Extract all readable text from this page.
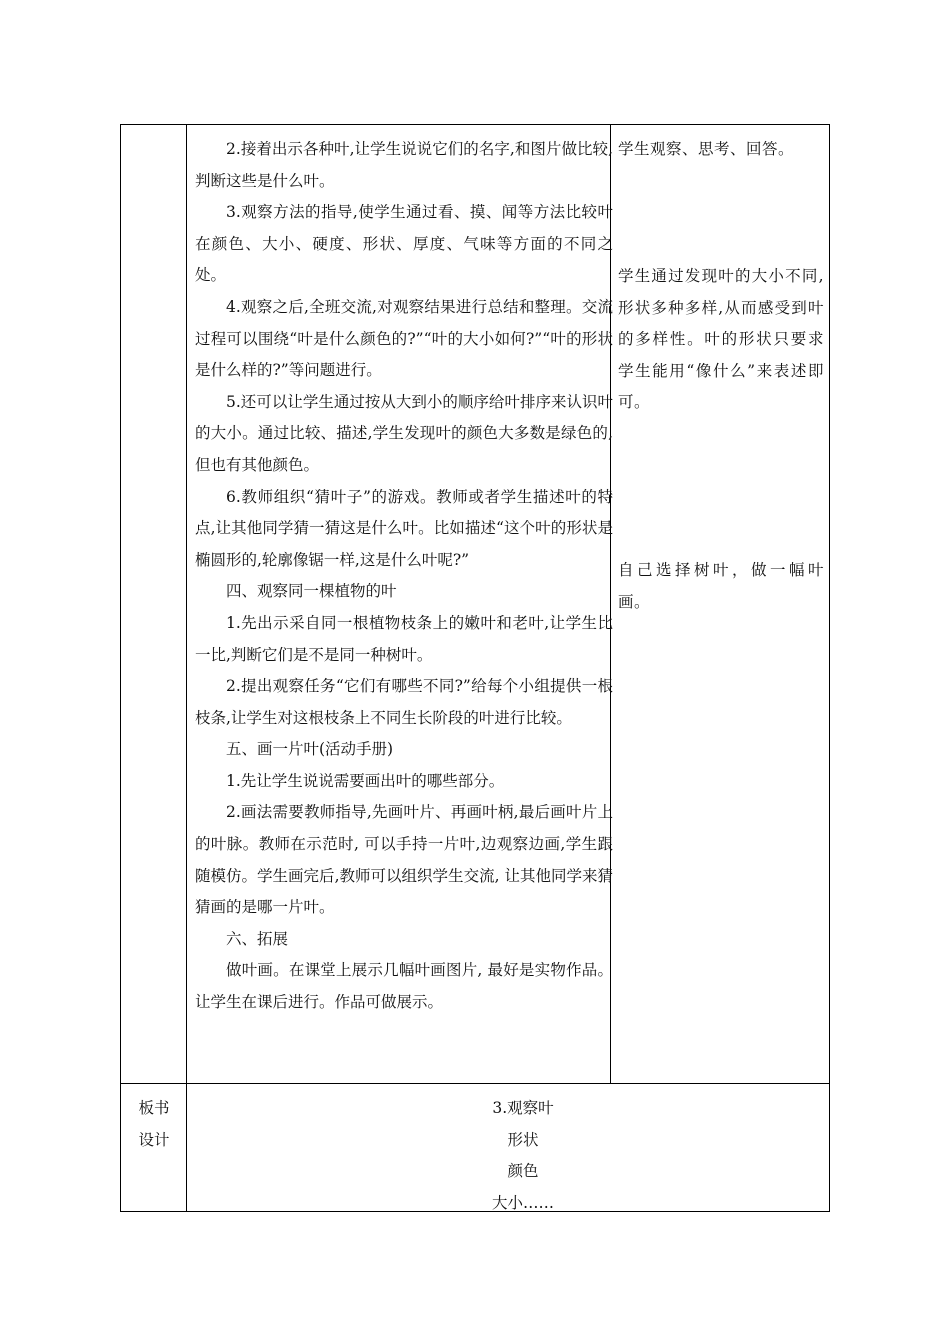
2.接着出示各种叶,让学生说说它们的名字,和图片做比较,判断这些是什么叶。

3.观察方法的指导,使学生通过看、摸、闻等方法比较叶在颜色、大小、硬度、形状、厚度、气味等方面的不同之处。

4.观察之后,全班交流,对观察结果进行总结和整理。交流过程可以围绕“叶是什么颜色的?”“叶的大小如何?”“叶的形状是什么样的?”等问题进行。

5.还可以让学生通过按从大到小的顺序给叶排序来认识叶的大小。通过比较、描述,学生发现叶的颜色大多数是绿色的,但也有其他颜色。

6.教师组织“猜叶子”的游戏。教师或者学生描述叶的特点,让其他同学猜一猜这是什么叶。比如描述“这个叶的形状是椭圆形的,轮廓像锯一样,这是什么叶呢?”

四、观察同一棵植物的叶

1.先出示采自同一根植物枝条上的嫩叶和老叶,让学生比一比,判断它们是不是同一种树叶。

2.提出观察任务“它们有哪些不同?”给每个小组提供一根枝条,让学生对这根枝条上不同生长阶段的叶进行比较。

五、画一片叶(活动手册)

1.先让学生说说需要画出叶的哪些部分。

2.画法需要教师指导,先画叶片、再画叶柄,最后画叶片上的叶脉。教师在示范时, 可以手持一片叶,边观察边画,学生跟随模仿。学生画完后,教师可以组织学生交流, 让其他同学来猜猜画的是哪一片叶。

六、拓展

做叶画。在课堂上展示几幅叶画图片, 最好是实物作品。让学生在课后进行。作品可做展示。

学生观察、思考、回答。
学生通过发现叶的大小不同,形状多种多样,从而感受到叶的多样性。叶的形状只要求学生能用“像什么”来表述即可。
自己选择树叶，做一幅叶画。
板书
设计
3.观察叶
形状
颜色
大小……
